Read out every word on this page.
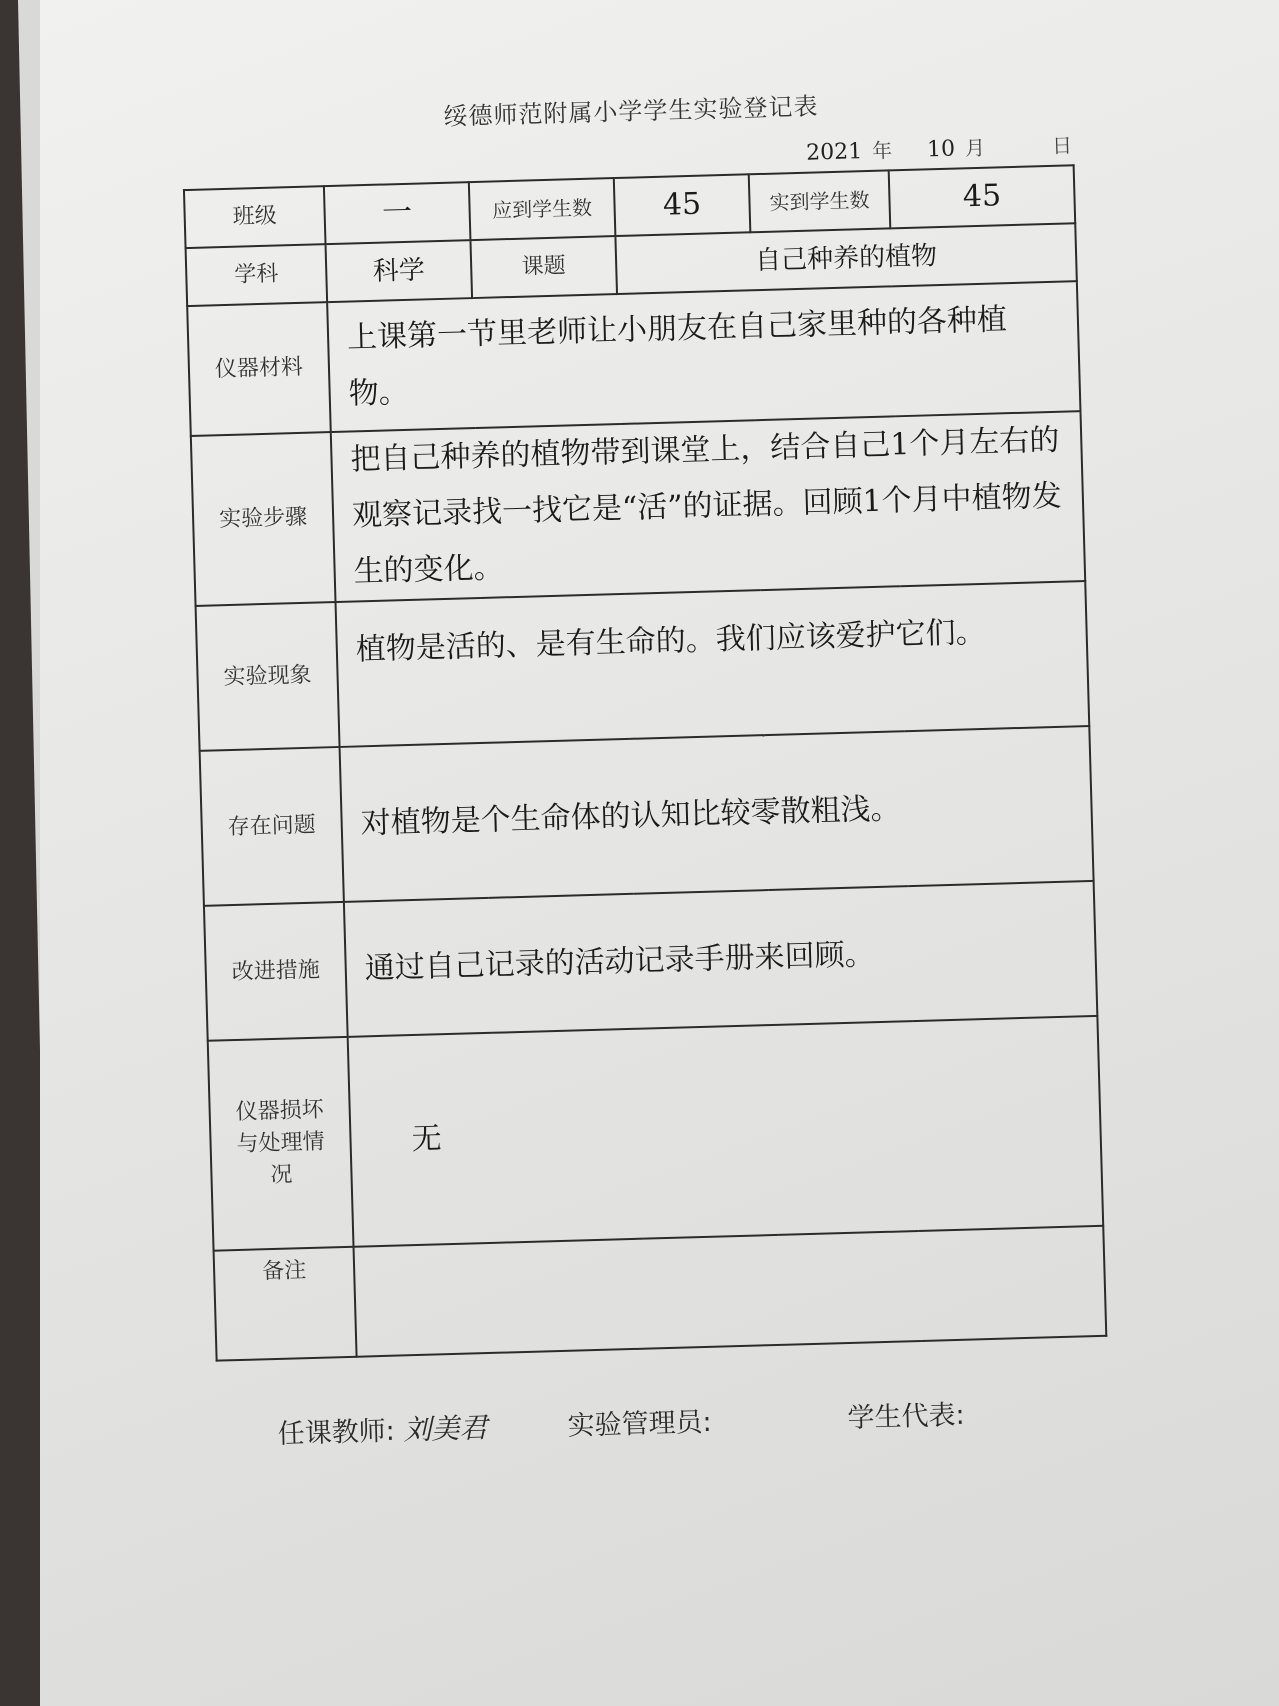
绥德师范附属小学学生实验登记表
2021 年 10 月	日
班级	一	应到学生数	45	实到学生数	45
学科	科学	课题	自己种养的植物		
仪器材料	上课第一节里老师让小朋友在自己家里种的各种植物。				
实验步骤	把自己种养的植物带到课堂上，结合自己1个月左右的观察记录找一找它是“活”的证据。回顾1个月中植物发生的变化。				
实验现象	植物是活的、是有生命的。我们应该爱护它们。				
存在问题	对植物是个生命体的认知比较零散粗浅。				
改进措施	通过自己记录的活动记录手册来回顾。				
仪器损坏与处理情况	无				
备注					
任课教师: 刘美君	实验管理员:	学生代表:
